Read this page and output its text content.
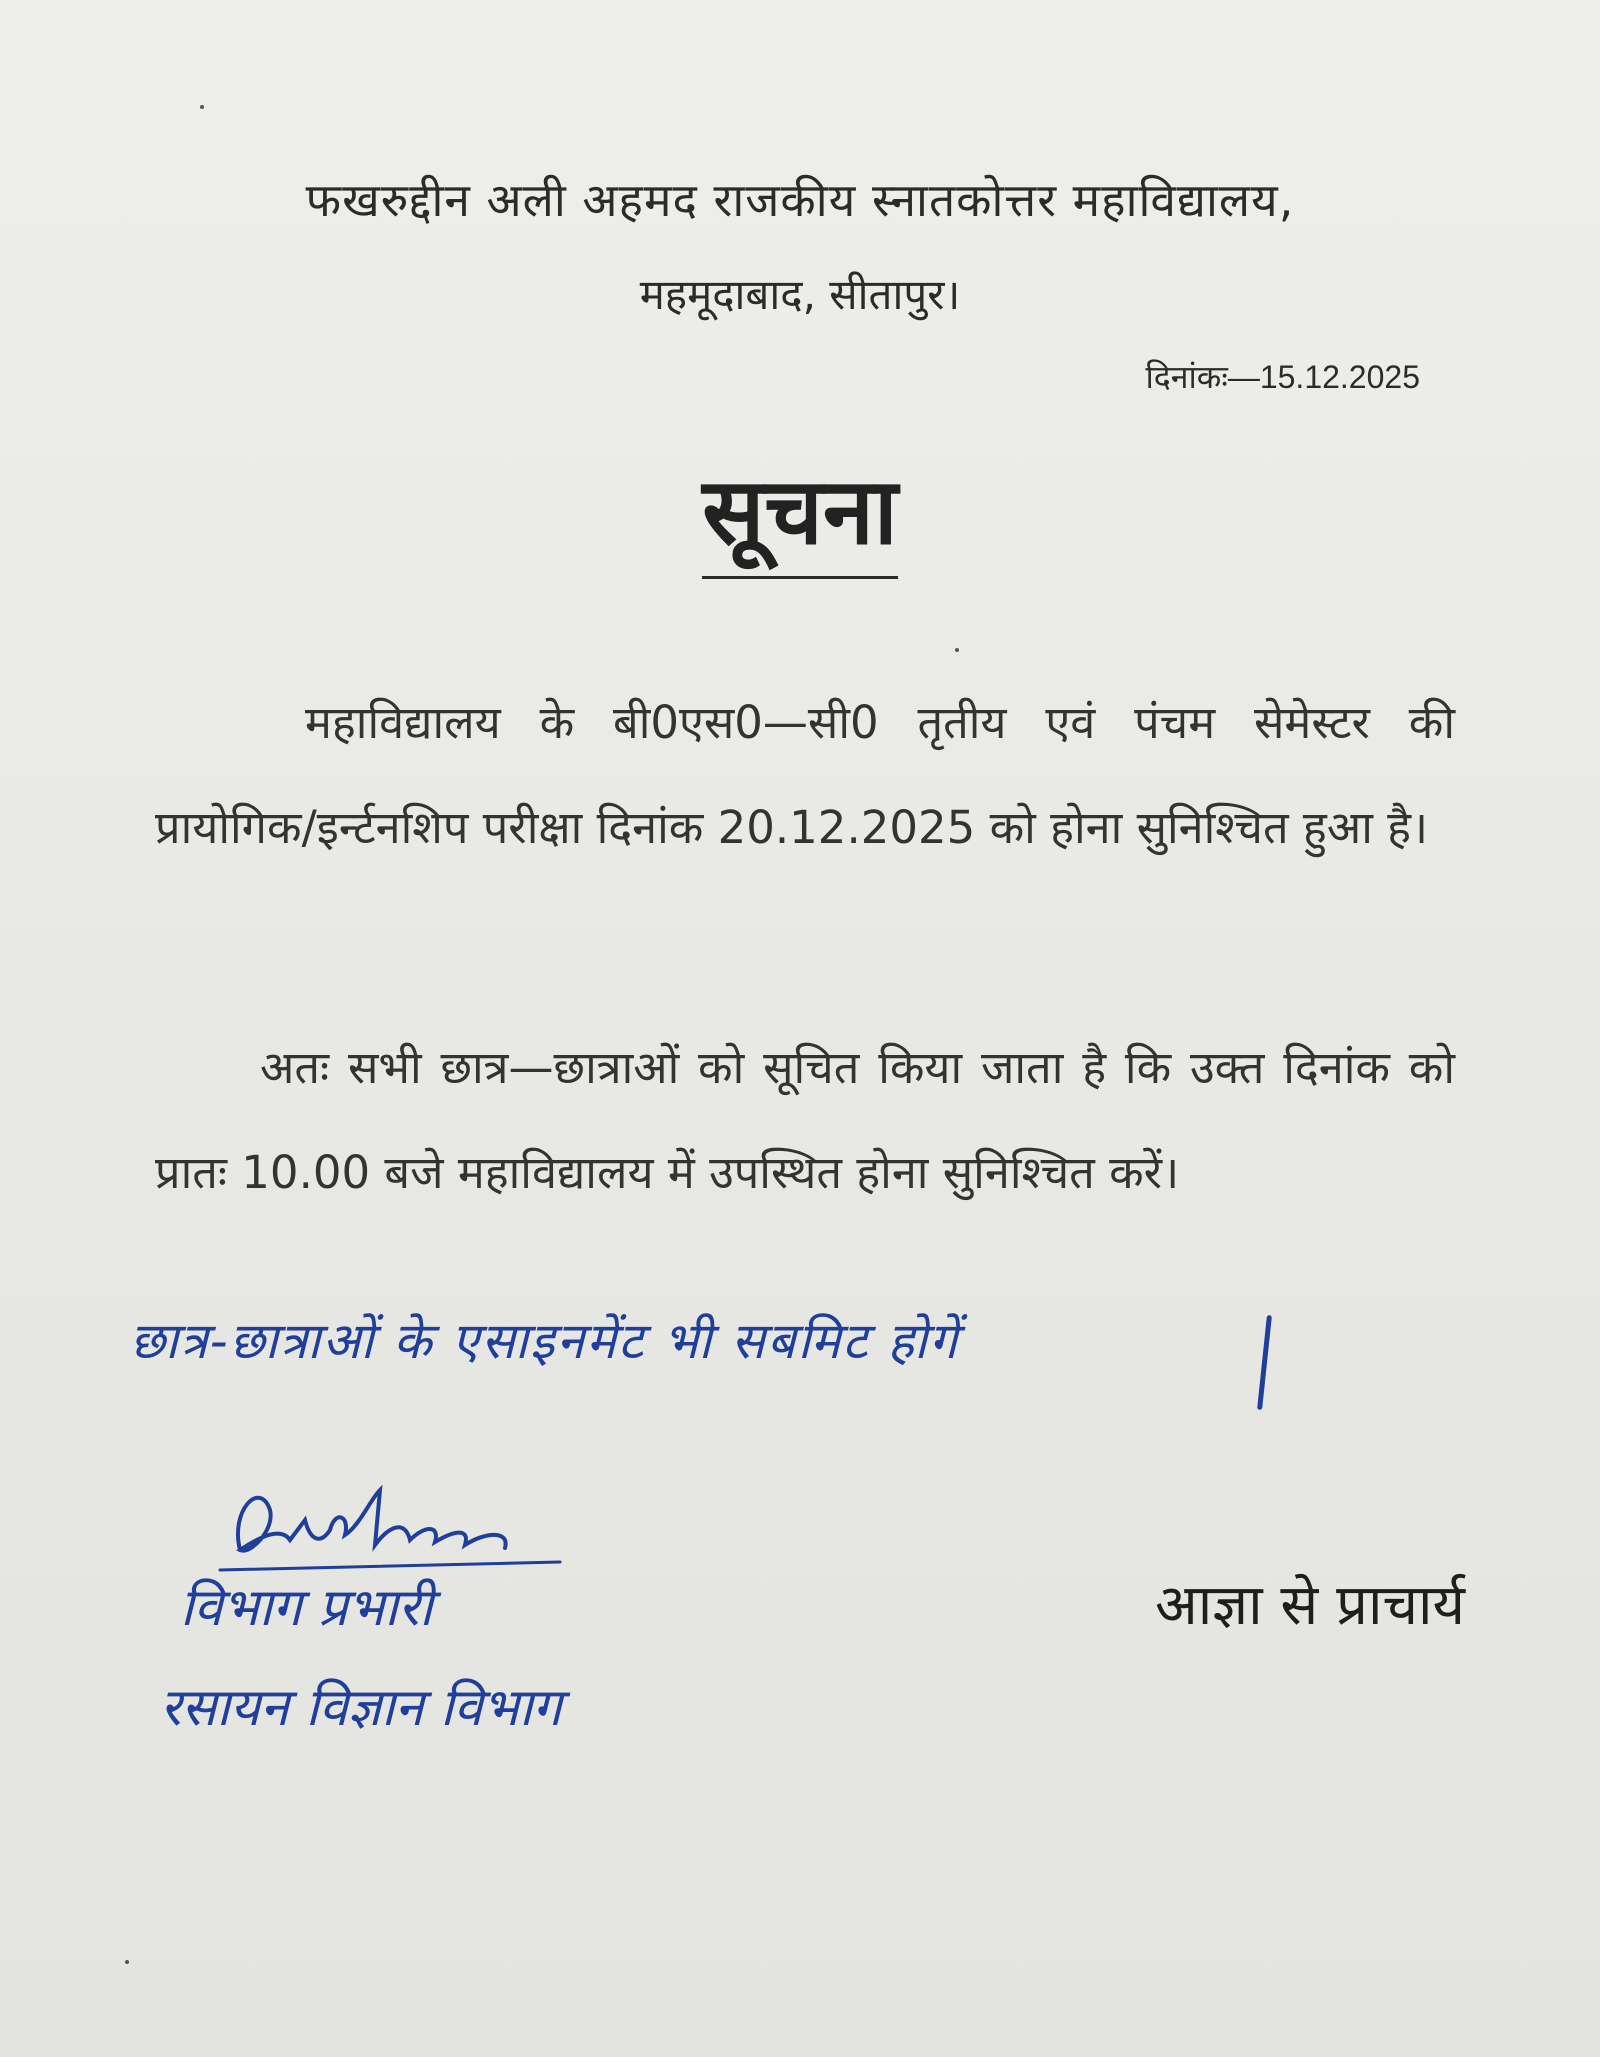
फखरुद्दीन अली अहमद राजकीय स्नातकोत्तर महाविद्यालय,
महमूदाबाद, सीतापुर।
दिनांकः—15.12.2025
सूचना
महाविद्यालय के बी0एस0—सी0 तृतीय एवं पंचम सेमेस्टर की प्रायोगिक/इर्न्टनशिप परीक्षा दिनांक 20.12.2025 को होना सुनिश्चित हुआ है।
अतः सभी छात्र—छात्राओं को सूचित किया जाता है कि उक्त दिनांक को प्रातः 10.00 बजे महाविद्यालय में उपस्थित होना सुनिश्चित करें।
छात्र-छात्राओं के एसाइनमेंट भी सबमिट होगें
विभाग प्रभारी
रसायन विज्ञान विभाग
आज्ञा से प्राचार्य
